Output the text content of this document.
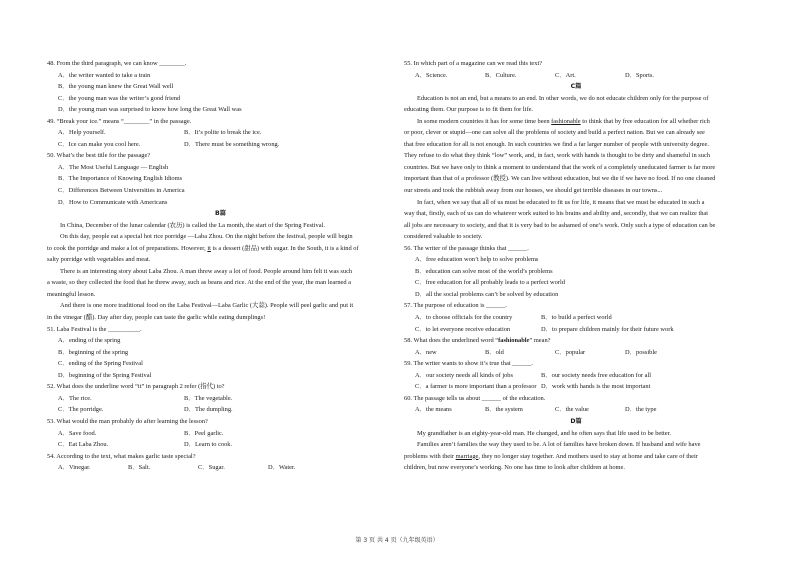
48. From the third paragraph, we can know ________.
A．the writer wanted to take a train
B．the young man knew the Great Wall well
C．the young man was the writer’s good friend
D．the young man was surprised to know how long the Great Wall was
49. “Break your ice.” means “________” in the passage.
A．Help yourself.	B．It’s polite to break the ice.
C．Ice can make you cool here.	D．There must be something wrong.
50. What’s the best title for the passage?
A．The Most Useful Language — English
B．The Importance of Knowing English Idioms
C．Differences Between Universities in America
D．How to Communicate with Americans
B篇
In China, December of the lunar calendar (农历) is called the La month, the start of the Spring Festival.
On this day, people eat a special hot rice porridge —Laba Zhou. On the night before the festival, people will begin
to cook the porridge and make a lot of preparations. However, it is a dessert (甜品) with sugar. In the South, it is a kind of
salty porridge with vegetables and meat.
There is an interesting story about Laba Zhou. A man threw away a lot of food. People around him felt it was such
a waste, so they collected the food that he threw away, such as beans and rice. At the end of the year, the man learned a
meaningful lesson.
And there is one more traditional food on the Laba Festival—Laba Garlic (大蒜). People will peel garlic and put it
in the vinegar (醋). Day after day, people can taste the garlic while eating dumplings!
51. Laba Festival is the __________.
A．ending of the spring
B．beginning of the spring
C．ending of the Spring Festival
D．beginning of the Spring Festival
52. What does the underline word “it” in paragraph 2 refer (指代) to?
A．The rice.	B．The vegetable.
C．The porridge.	D．The dumpling.
53. What would the man probably do after learning the lesson?
A．Save food.	B．Peel garlic.
C．Eat Laba Zhou.	D．Learn to cook.
54. According to the text, what makes garlic taste special?
A．Vinegar.	B．Salt.	C．Sugar.	D．Water.
55. In which part of a magazine can we read this text?
A．Science.	B．Culture.	C．Art.	D．Sports.
C篇
Education is not an end, but a means to an end. In other words, we do not educate children only for the purpose of
educating them. Our purpose is to fit them for life.
In some modern countries it has for some time been fashionable to think that by free education for all whether rich
or poor, clever or stupid—one can solve all the problems of society and build a perfect nation. But we can already see
that free education for all is not enough. In such countries we find a far larger number of people with university degree.
They refuse to do what they think “low” work, and, in fact, work with hands is thought to be dirty and shameful in such
countries. But we have only to think a moment to understand that the work of a completely uneducated farmer is far more
important than that of a professor (教授). We can live without education, but we die if we have no food. If no one cleaned
our streets and took the rubbish away from our houses, we should get terrible diseases in our towns...
In fact, when we say that all of us must be educated to fit us for life, it means that we must be educated in such a
way that, firstly, each of us can do whatever work suited to his brains and ability and, secondly, that we can realize that
all jobs are necessary to society, and that it is very bad to be ashamed of one’s work. Only such a type of education can be
considered valuable to society.
56. The writer of the passage thinks that ______.
A．free education won’t help to solve problems
B．education can solve most of the world’s problems
C．free education for all probably leads to a perfect world
D．all the social problems can’t be solved by education
57. The purpose of education is ______.
A．to choose officials for the country	B．to build a perfect world
C．to let everyone receive education	D．to prepare children mainly for their future work
58. What does the underlined word “fashionable” mean?
A．new	B．old	C．popular	D．possible
59. The writer wants to show it’s true that ______.
A．our society needs all kinds of jobs	B．our society needs free education for all
C．a farmer is more important than a professor D．work with hands is the most important
60. The passage tells us about ______ of the education.
A．the means	B．the system	C．the value	D．the type
D篇
My grandfather is an eighty-year-old man. He changed, and he often says that life used to be better.
Families aren’t families the way they used to be. A lot of families have broken down. If husband and wife have
problems with their marriage, they no longer stay together. And mothers used to stay at home and take care of their
children, but now everyone’s working. No one has time to look after children at home.
第 3 页 共 4 页（九年级英语）
